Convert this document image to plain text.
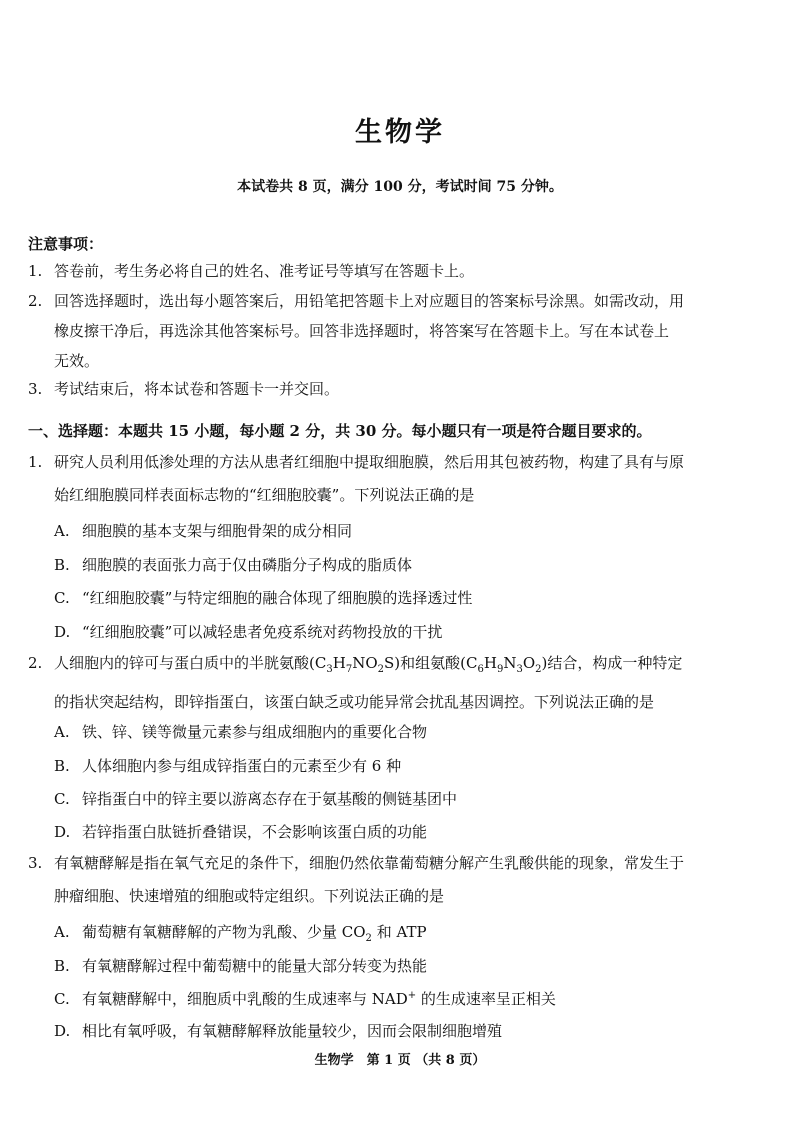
生物学
本试卷共 8 页，满分 100 分，考试时间 75 分钟。
注意事项：
1. 答卷前，考生务必将自己的姓名、准考证号等填写在答题卡上。
2. 回答选择题时，选出每小题答案后，用铅笔把答题卡上对应题目的答案标号涂黑。如需改动，用
橡皮擦干净后，再选涂其他答案标号。回答非选择题时，将答案写在答题卡上。写在本试卷上
无效。
3. 考试结束后，将本试卷和答题卡一并交回。
一、选择题：本题共 15 小题，每小题 2 分，共 30 分。每小题只有一项是符合题目要求的。
1. 研究人员利用低渗处理的方法从患者红细胞中提取细胞膜，然后用其包被药物，构建了具有与原
始红细胞膜同样表面标志物的“红细胞胶囊”。下列说法正确的是
A. 细胞膜的基本支架与细胞骨架的成分相同
B. 细胞膜的表面张力高于仅由磷脂分子构成的脂质体
C. “红细胞胶囊”与特定细胞的融合体现了细胞膜的选择透过性
D. “红细胞胶囊”可以减轻患者免疫系统对药物投放的干扰
2. 人细胞内的锌可与蛋白质中的半胱氨酸$(C_3H_7NO_2S)$和组氨酸$(C_6H_9N_3O_2)$结合，构成一种特定
的指状突起结构，即锌指蛋白，该蛋白缺乏或功能异常会扰乱基因调控。下列说法正确的是
A. 铁、锌、镁等微量元素参与组成细胞内的重要化合物
B. 人体细胞内参与组成锌指蛋白的元素至少有 6 种
C. 锌指蛋白中的锌主要以游离态存在于氨基酸的侧链基团中
D. 若锌指蛋白肽链折叠错误，不会影响该蛋白质的功能
3. 有氧糖酵解是指在氧气充足的条件下，细胞仍然依靠葡萄糖分解产生乳酸供能的现象，常发生于
肿瘤细胞、快速增殖的细胞或特定组织。下列说法正确的是
A. 葡萄糖有氧糖酵解的产物为乳酸、少量 $CO_2$ 和 ATP
B. 有氧糖酵解过程中葡萄糖中的能量大部分转变为热能
C. 有氧糖酵解中，细胞质中乳酸的生成速率与 NAD+ 的生成速率呈正相关
D. 相比有氧呼吸，有氧糖酵解释放能量较少，因而会限制细胞增殖
生物学　第 1 页 （共 8 页）
